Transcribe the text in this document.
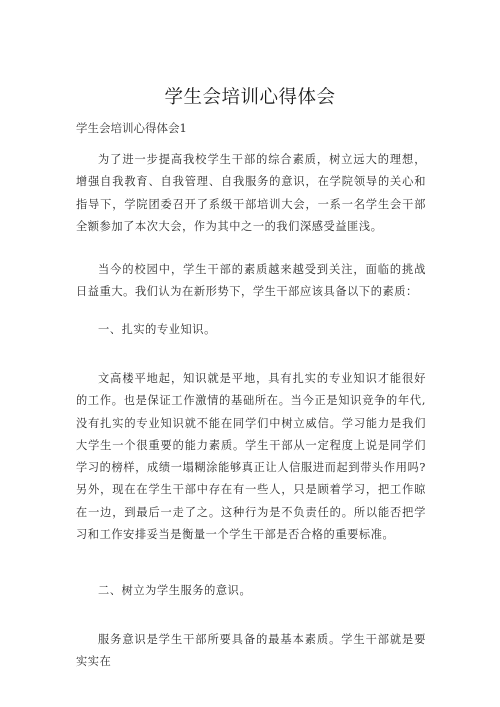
学生会培训心得体会
学生会培训心得体会1

为了进一步提高我校学生干部的综合素质，树立远大的理想，增强自我教育、自我管理、自我服务的意识，在学院领导的关心和指导下，学院团委召开了系级干部培训大会，一系一名学生会干部全额参加了本次大会，作为其中之一的我们深感受益匪浅。

当今的校园中，学生干部的素质越来越受到关注，面临的挑战日益重大。我们认为在新形势下，学生干部应该具备以下的素质：

一、扎实的专业知识。

文高楼平地起，知识就是平地，具有扎实的专业知识才能很好的工作。也是保证工作激情的基础所在。当今正是知识竞争的年代,没有扎实的专业知识就不能在同学们中树立威信。学习能力是我们大学生一个很重要的能力素质。学生干部从一定程度上说是同学们学习的榜样，成绩一塌糊涂能够真正让人信服进而起到带头作用吗?另外，现在在学生干部中存在有一些人，只是顾着学习，把工作晾在一边，到最后一走了之。这种行为是不负责任的。所以能否把学习和工作安排妥当是衡量一个学生干部是否合格的重要标准。

二、树立为学生服务的意识。

服务意识是学生干部所要具备的最基本素质。学生干部就是要实实在
